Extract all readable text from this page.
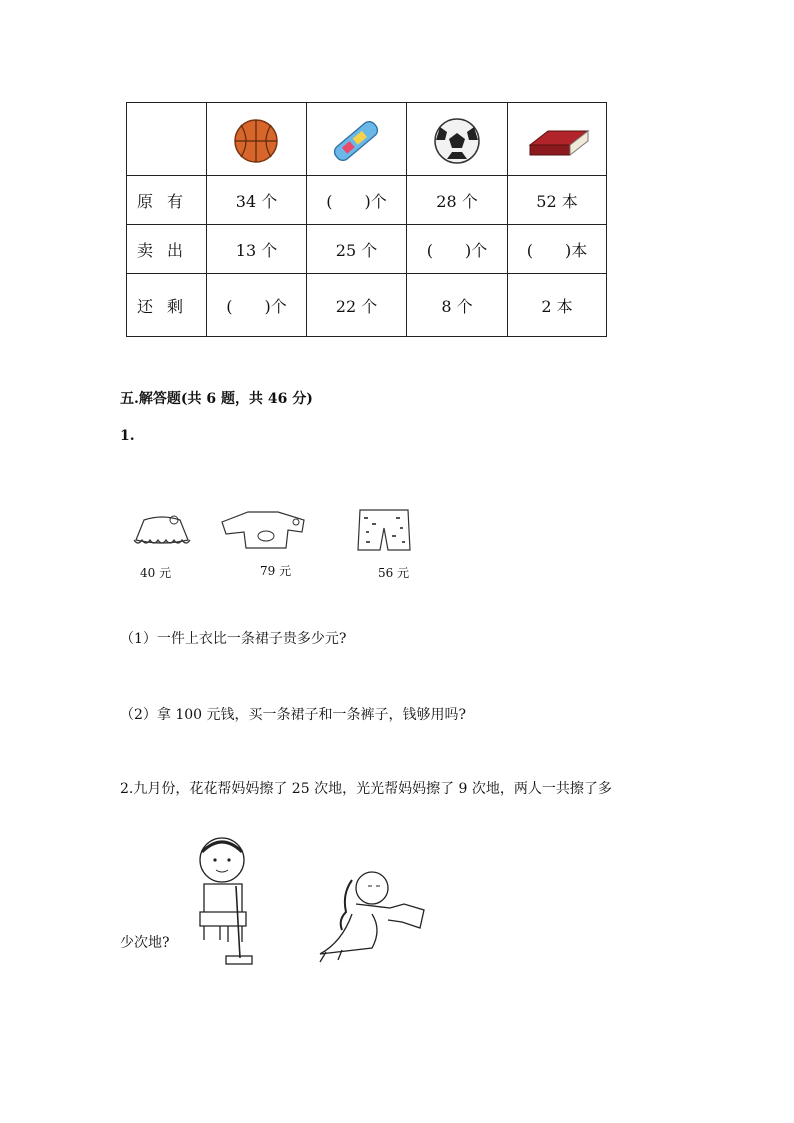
原有	34 个	(　　)个	28 个	52 本
卖出	13 个	25 个	(　　)个	(　　)本
还剩	(　　)个	22 个	8 个	2 本
五.解答题(共 6 题，共 46 分)
1.
40 元	79 元	56 元
（1）一件上衣比一条裙子贵多少元?
（2）拿 100 元钱，买一条裙子和一条裤子，钱够用吗?
2.九月份，花花帮妈妈擦了 25 次地，光光帮妈妈擦了 9 次地，两人一共擦了多
少次地?
